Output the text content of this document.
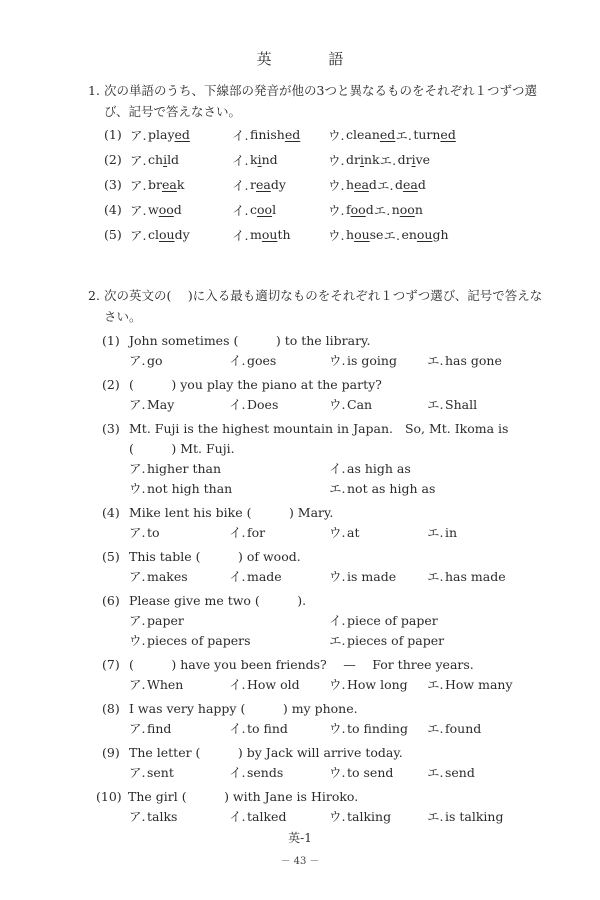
英 語
1. 次の単語のうち、下線部の発音が他の3つと異なるものをそれぞれ１つずつ選び、記号で答えなさい。
(1) ア. played	イ. finished ウ. cleaned エ. turned
(2) ア. child	イ. kind	ウ. drink エ. drive
(3) ア. break	イ. ready	ウ. head エ. dead
(4) ア. wood	イ. cool	ウ. food エ. noon
(5) ア. cloudy	イ. mouth	ウ. house エ. enough
2. 次の英文の(　 )に入る最も適切なものをそれぞれ１つずつ選び、記号で答えなさい。
(1) John sometimes (　　　) to the library.
ア. go	イ. goes	ウ. is going エ. has gone
(2) (　　　) you play the piano at the party?
ア. May	イ. Does	ウ. Can	エ. Shall
(3) Mt. Fuji is the highest mountain in Japan.   So, Mt. Ikoma is
(　　　) Mt. Fuji.
ア. higher than	イ. as high as
ウ. not high than	エ. not as high as
(4) Mike lent his bike (　　　) Mary.
ア. to	イ. for	ウ. at	エ. in
(5) This table (　　　) of wood.
ア. makes	イ. made	ウ. is made エ. has made
(6) Please give me two (　　　).
ア. paper	イ. piece of paper
ウ. pieces of papers	エ. pieces of paper
(7) (　　　) have you been friends?　 —　 For three years.
ア. When	イ. How old ウ. How long エ. How many
(8) I was very happy (　　　) my phone.
ア. find	イ. to find	ウ. to finding エ. found
(9) The letter (　　　) by Jack will arrive today.
ア. sent	イ. sends	ウ. to send	エ. send
(10) The girl (　　　) with Jane is Hiroko.
ア. talks	イ. talked	ウ. talking	エ. is talking
英-1
－ 43 －
